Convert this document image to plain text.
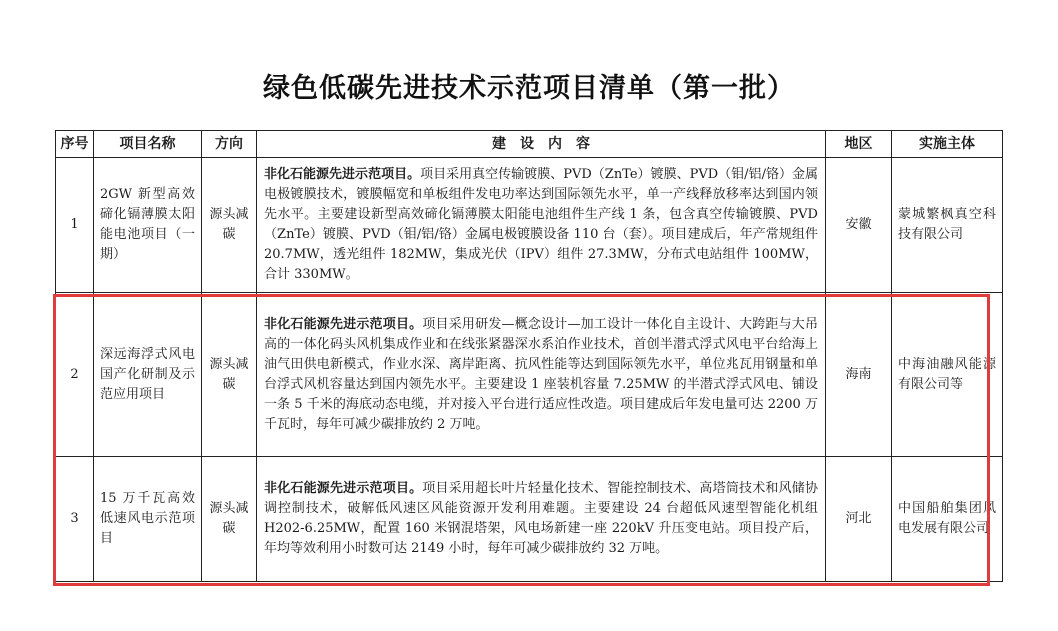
绿色低碳先进技术示范项目清单（第一批）
序号	项目名称	方向	建　设　内　容	地区	实施主体
1	2GW 新型高效碲化镉薄膜太阳能电池项目（一期）	源头减碳	非化石能源先进示范项目。项目采用真空传输镀膜、PVD（ZnTe）镀膜、PVD（钼/铝/铬）金属电极镀膜技术，镀膜幅宽和单板组件发电功率达到国际领先水平，单一产线释放移率达到国内领先水平。主要建设新型高效碲化镉薄膜太阳能电池组件生产线 1 条，包含真空传输镀膜、PVD（ZnTe）镀膜、PVD（钼/铝/铬）金属电极镀膜设备 110 台（套）。项目建成后，年产常规组件 20.7MW，透光组件 182MW，集成光伏（IPV）组件 27.3MW，分布式电站组件 100MW，合计 330MW。	安徽	蒙城繁枫真空科技有限公司
2	深远海浮式风电国产化研制及示范应用项目	源头减碳	非化石能源先进示范项目。项目采用研发—概念设计—加工设计一体化自主设计、大跨距与大吊高的一体化码头风机集成作业和在线张紧器深水系泊作业技术，首创半潜式浮式风电平台给海上油气田供电新模式，作业水深、离岸距离、抗风性能等达到国际领先水平，单位兆瓦用钢量和单台浮式风机容量达到国内领先水平。主要建设 1 座装机容量 7.25MW 的半潜式浮式风电、铺设一条 5 千米的海底动态电缆，并对接入平台进行适应性改造。项目建成后年发电量可达 2200 万千瓦时，每年可减少碳排放约 2 万吨。	海南	中海油融风能源有限公司等
3	15 万千瓦高效低速风电示范项目	源头减碳	非化石能源先进示范项目。项目采用超长叶片轻量化技术、智能控制技术、高塔筒技术和风储协调控制技术，破解低风速区风能资源开发利用难题。主要建设 24 台超低风速型智能化机组 H202-6.25MW，配置 160 米钢混塔架，风电场新建一座 220kV 升压变电站。项目投产后，年均等效利用小时数可达 2149 小时，每年可减少碳排放约 32 万吨。	河北	中国船舶集团风电发展有限公司
